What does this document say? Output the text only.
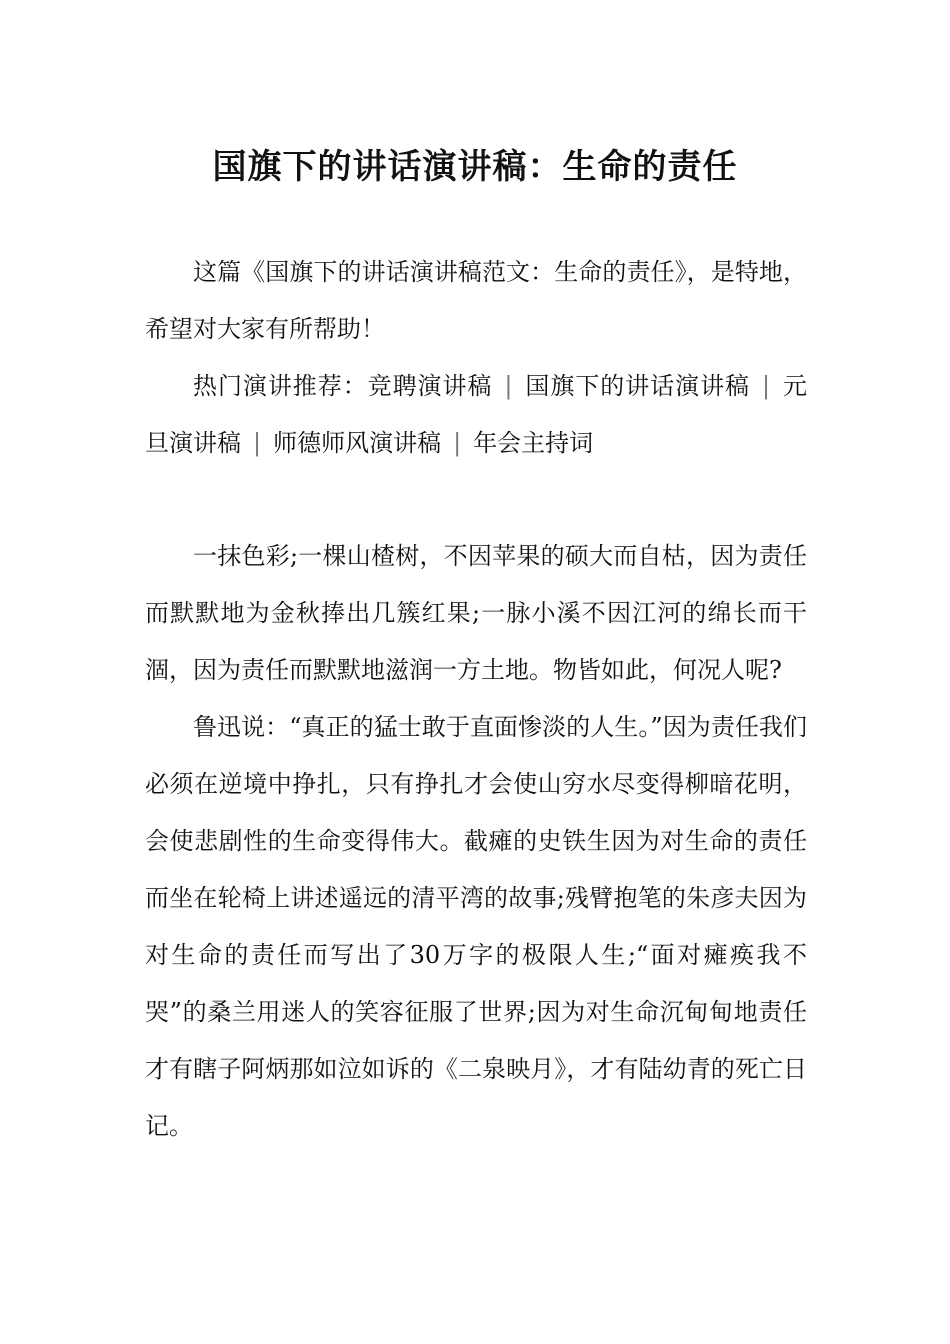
国旗下的讲话演讲稿：生命的责任

这篇《国旗下的讲话演讲稿范文：生命的责任》，是特地，希望对大家有所帮助！

热门演讲推荐：竞聘演讲稿 | 国旗下的讲话演讲稿 | 元旦演讲稿 | 师德师风演讲稿 | 年会主持词

一抹色彩;一棵山楂树，不因苹果的硕大而自枯，因为责任而默默地为金秋捧出几簇红果;一脉小溪不因江河的绵长而干涸，因为责任而默默地滋润一方土地。物皆如此，何况人呢?

鲁迅说：“真正的猛士敢于直面惨淡的人生。”因为责任我们必须在逆境中挣扎，只有挣扎才会使山穷水尽变得柳暗花明，会使悲剧性的生命变得伟大。截瘫的史铁生因为对生命的责任而坐在轮椅上讲述遥远的清平湾的故事;残臂抱笔的朱彦夫因为对生命的责任而写出了30万字的极限人生;“面对瘫痪我不哭”的桑兰用迷人的笑容征服了世界;因为对生命沉甸甸地责任才有瞎子阿炳那如泣如诉的《二泉映月》，才有陆幼青的死亡日记。
